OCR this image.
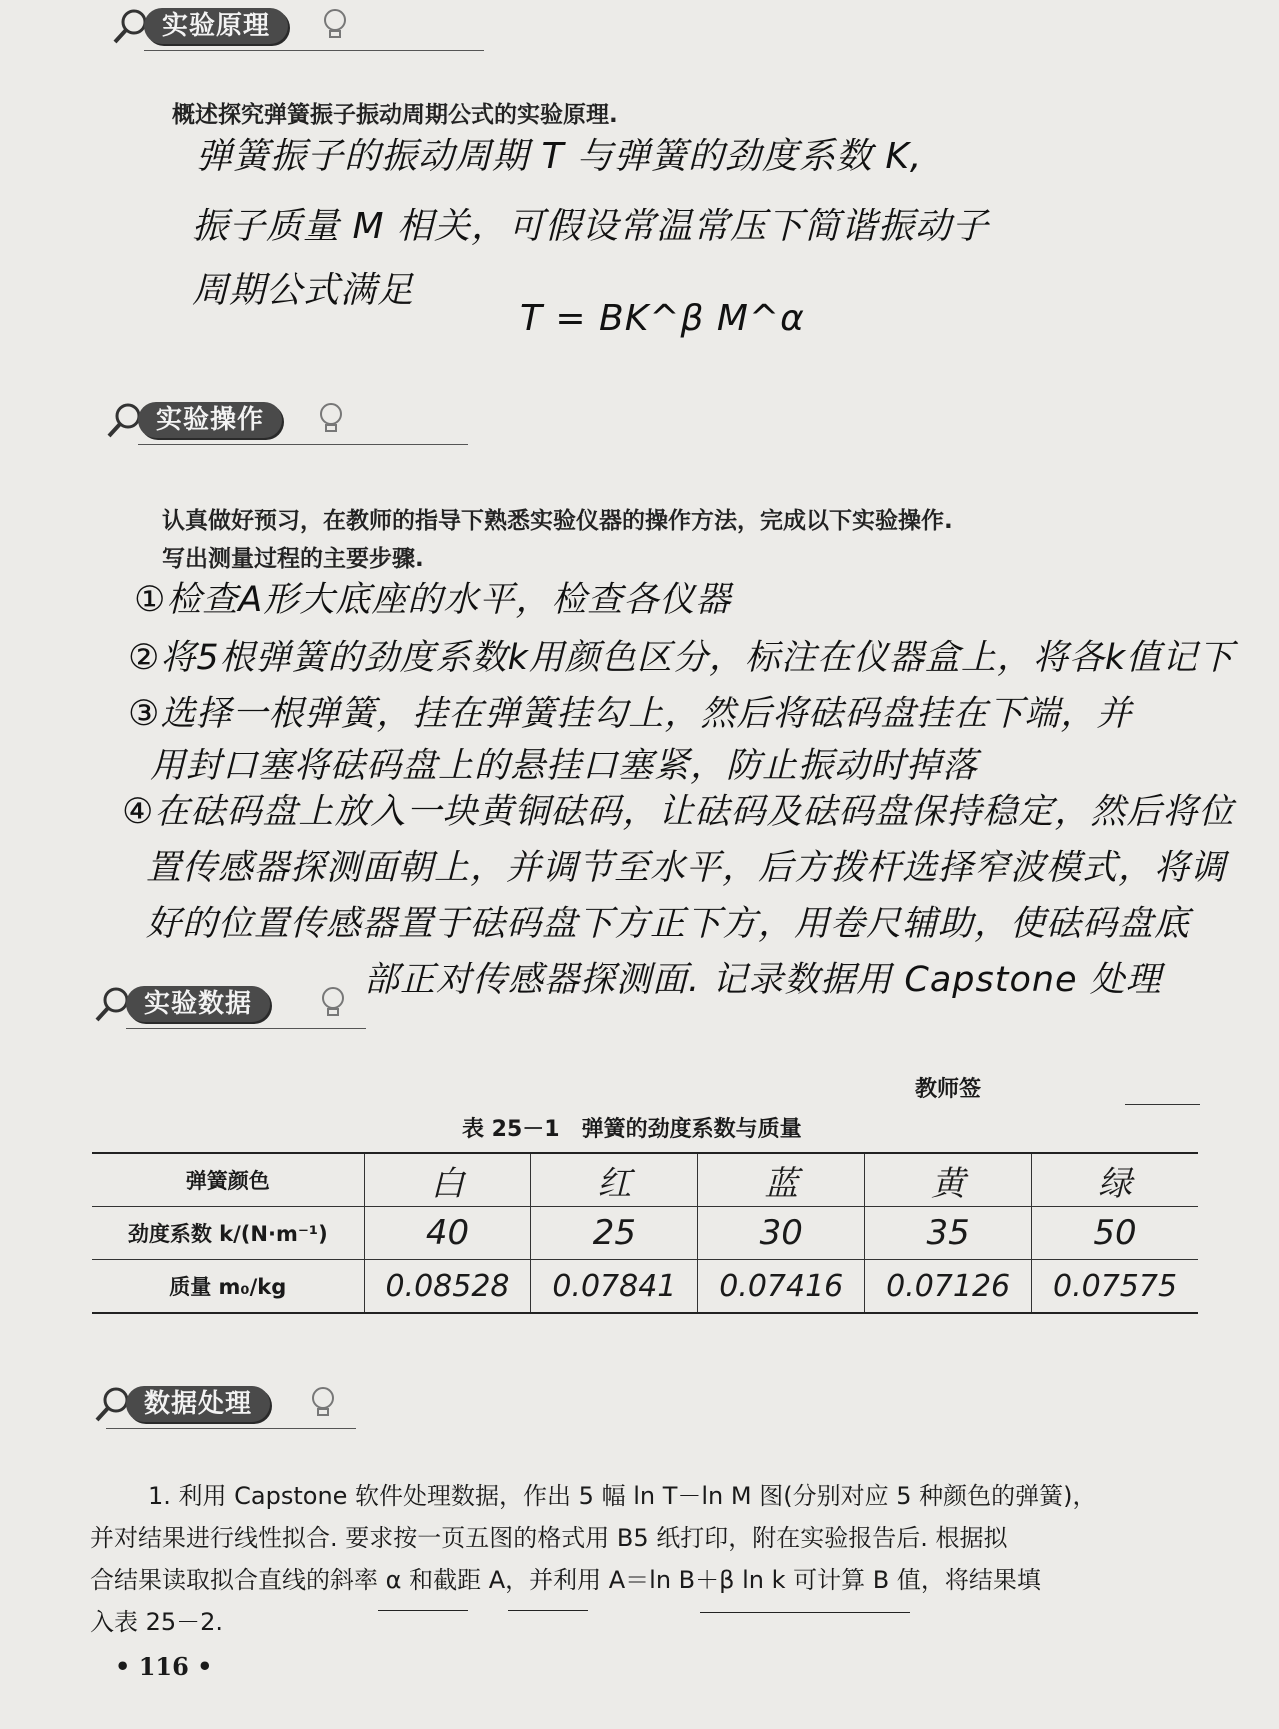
实验原理
概述探究弹簧振子振动周期公式的实验原理.
弹簧振子的振动周期 T 与弹簧的劲度系数 K,
振子质量 M 相关，可假设常温常压下简谐振动子
周期公式满足
T = BK^β M^α
实验操作
认真做好预习，在教师的指导下熟悉实验仪器的操作方法，完成以下实验操作.
写出测量过程的主要步骤.
①检查A形大底座的水平，检查各仪器
②将5根弹簧的劲度系数k用颜色区分，标注在仪器盒上，将各k值记下
③选择一根弹簧，挂在弹簧挂勾上，然后将砝码盘挂在下端，并
用封口塞将砝码盘上的悬挂口塞紧，防止振动时掉落
④在砝码盘上放入一块黄铜砝码，让砝码及砝码盘保持稳定，然后将位
置传感器探测面朝上，并调节至水平，后方拨杆选择窄波模式，将调
好的位置传感器置于砝码盘下方正下方，用卷尺辅助，使砝码盘底
部正对传感器探测面. 记录数据用 Capstone 处理
实验数据
教师签
表 25－1　弹簧的劲度系数与质量
弹簧颜色	白	红	蓝	黄	绿
劲度系数 k/(N·m⁻¹)	40	25	30	35	50
质量 m₀/kg	0.08528	0.07841	0.07416	0.07126	0.07575
数据处理

1. 利用 Capstone 软件处理数据，作出 5 幅 ln T－ln M 图(分别对应 5 种颜色的弹簧)，

并对结果进行线性拟合. 要求按一页五图的格式用 B5 纸打印，附在实验报告后. 根据拟

合结果读取拟合直线的斜率 α 和截距 A，并利用 A＝ln B＋β ln k 可计算 B 值，将结果填

入表 25－2.

• 116 •
